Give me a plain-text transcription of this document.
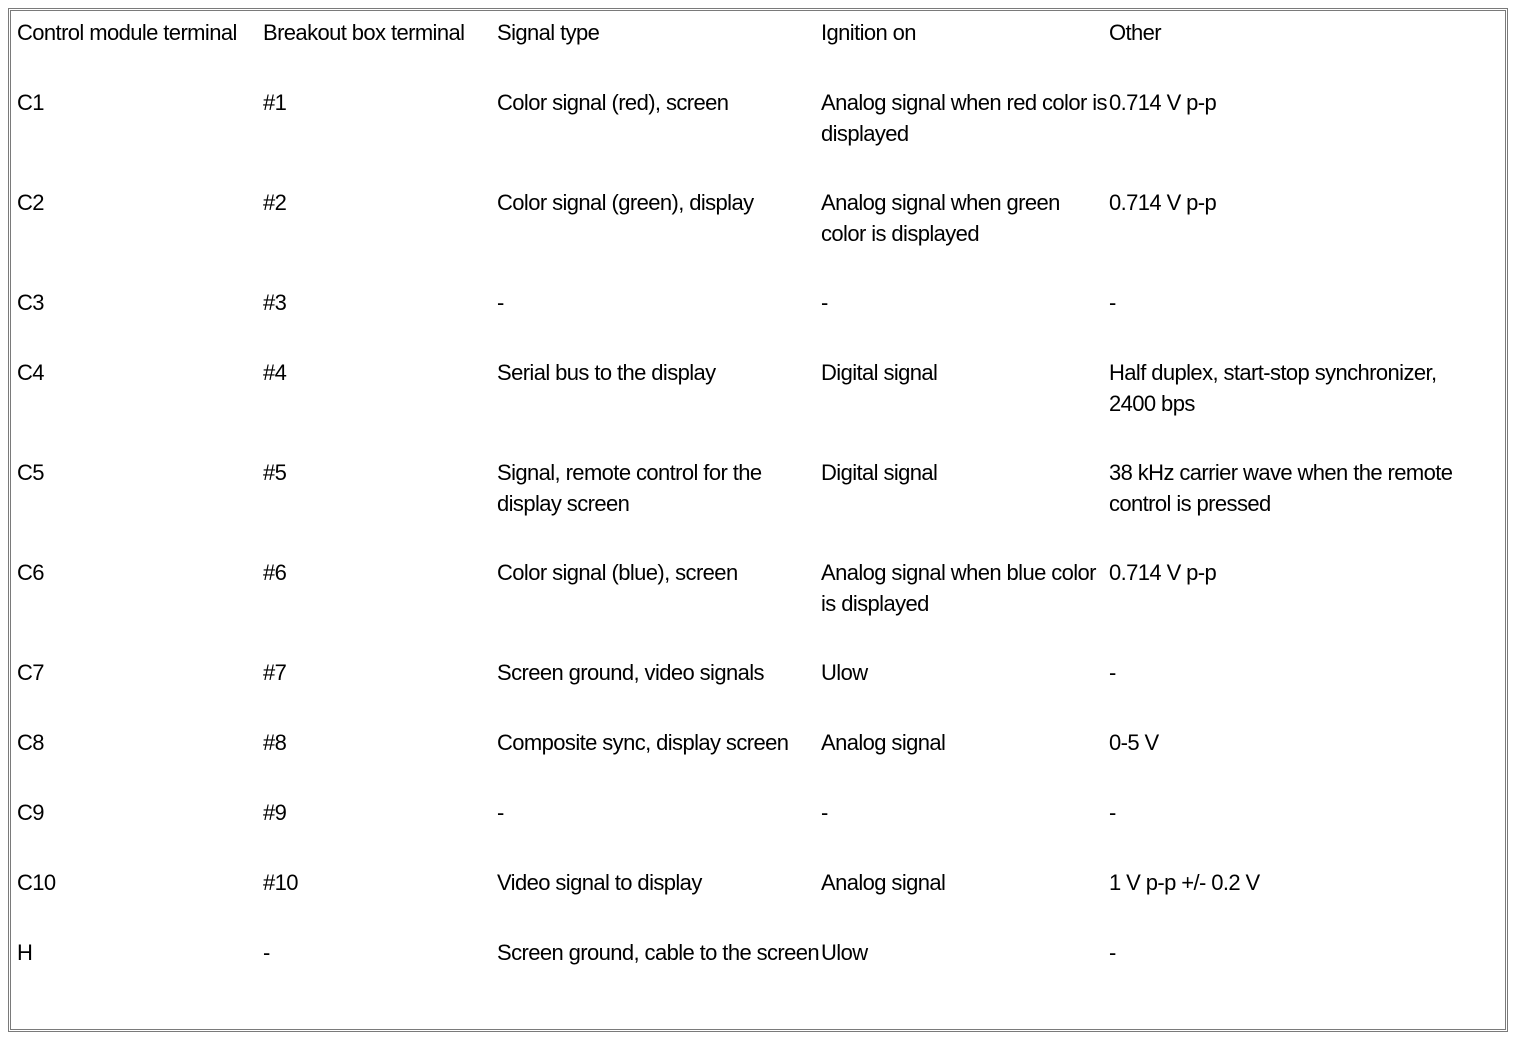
Control module terminal	Breakout box terminal	Signal type	Ignition on	Other
C1	#1	Color signal (red), screen	Analog signal when red color is displayed	0.714 V p-p
C2	#2	Color signal (green), display	Analog signal when green color is displayed	0.714 V p-p
C3	#3	-	-	-
C4	#4	Serial bus to the display	Digital signal	Half duplex, start-stop synchronizer, 2400 bps
C5	#5	Signal, remote control for the display screen	Digital signal	38 kHz carrier wave when the remote control is pressed
C6	#6	Color signal (blue), screen	Analog signal when blue color is displayed	0.714 V p-p
C7	#7	Screen ground, video signals	Ulow	-
C8	#8	Composite sync, display screen	Analog signal	0-5 V
C9	#9	-	-	-
C10	#10	Video signal to display	Analog signal	1 V p-p +/- 0.2 V
H	-	Screen ground, cable to the screen	Ulow	-
